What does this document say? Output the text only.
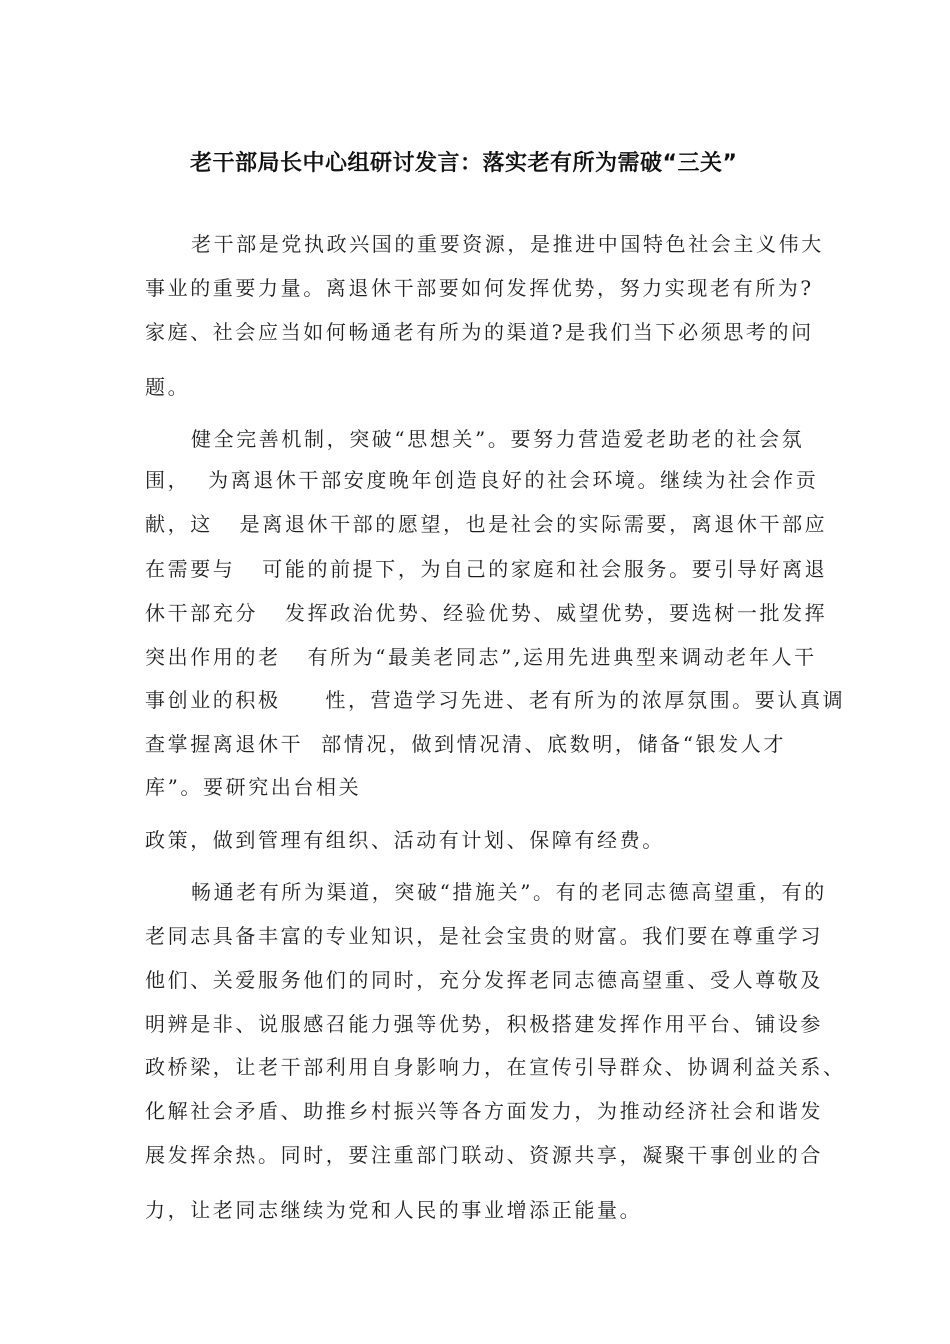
老干部局长中心组研讨发言：落实老有所为需破“三关”
老干部是党执政兴国的重要资源，是推进中国特色社会主义伟大
事业的重要力量。离退休干部要如何发挥优势，努力实现老有所为?
家庭、社会应当如何畅通老有所为的渠道?是我们当下必须思考的问
题。
健全完善机制，突破“思想关”。要努力营造爱老助老的社会氛
围，  为离退休干部安度晚年创造良好的社会环境。继续为社会作贡
献，这   是离退休干部的愿望，也是社会的实际需要，离退休干部应
在需要与   可能的前提下，为自己的家庭和社会服务。要引导好离退
休干部充分   发挥政治优势、经验优势、威望优势，要选树一批发挥
突出作用的老   有所为“最美老同志”,运用先进典型来调动老年人干
事创业的积极     性，营造学习先进、老有所为的浓厚氛围。要认真调
查掌握离退休干  部情况，做到情况清、底数明，储备“银发人才
库”。要研究出台相关
政策，做到管理有组织、活动有计划、保障有经费。
畅通老有所为渠道，突破“措施关”。有的老同志德高望重，有的
老同志具备丰富的专业知识，是社会宝贵的财富。我们要在尊重学习
他们、关爱服务他们的同时，充分发挥老同志德高望重、受人尊敬及
明辨是非、说服感召能力强等优势，积极搭建发挥作用平台、铺设参
政桥梁，让老干部利用自身影响力，在宣传引导群众、协调利益关系、
化解社会矛盾、助推乡村振兴等各方面发力，为推动经济社会和谐发
展发挥余热。同时，要注重部门联动、资源共享，凝聚干事创业的合
力，让老同志继续为党和人民的事业增添正能量。
